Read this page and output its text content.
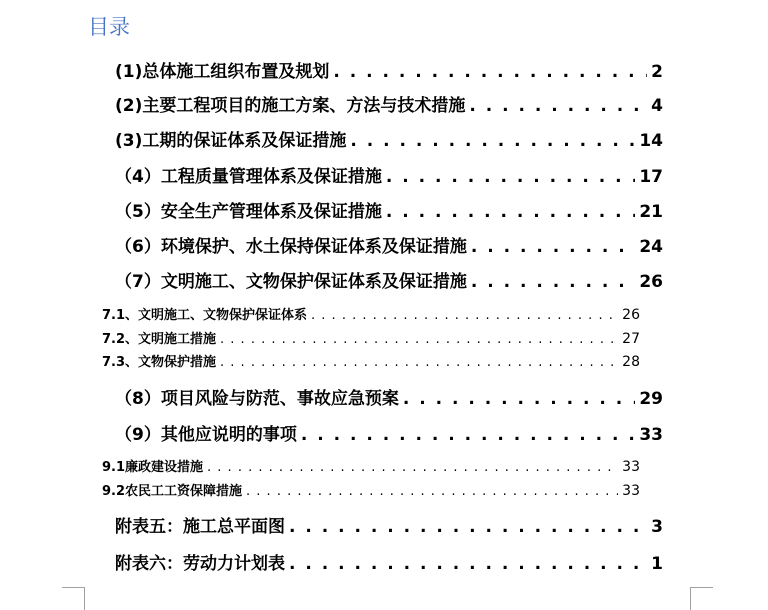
目录
(1)总体施工组织布置及规划 . . .	2
(2)主要工程项目的施工方案、方法与技术措施 . . .	4
(3)工期的保证体系及保证措施 . . .	14
（4）工程质量管理体系及保证措施 . . .	17
（5）安全生产管理体系及保证措施 . . .	21
（6）环境保护、水土保持保证体系及保证措施 . . .	24
（7）文明施工、文物保护保证体系及保证措施 . . .	26
7.1、文明施工、文物保护保证体系 . . .	26
7.2、文明施工措施 . . .	27
7.3、文物保护措施 . . .	28
（8）项目风险与防范、事故应急预案 . . .	29
（9）其他应说明的事项 . . .	33
9.1廉政建设措施 . . .	33
9.2农民工工资保障措施 . . .	33
附表五：施工总平面图 . . .	3
附表六：劳动力计划表 . . .	1
